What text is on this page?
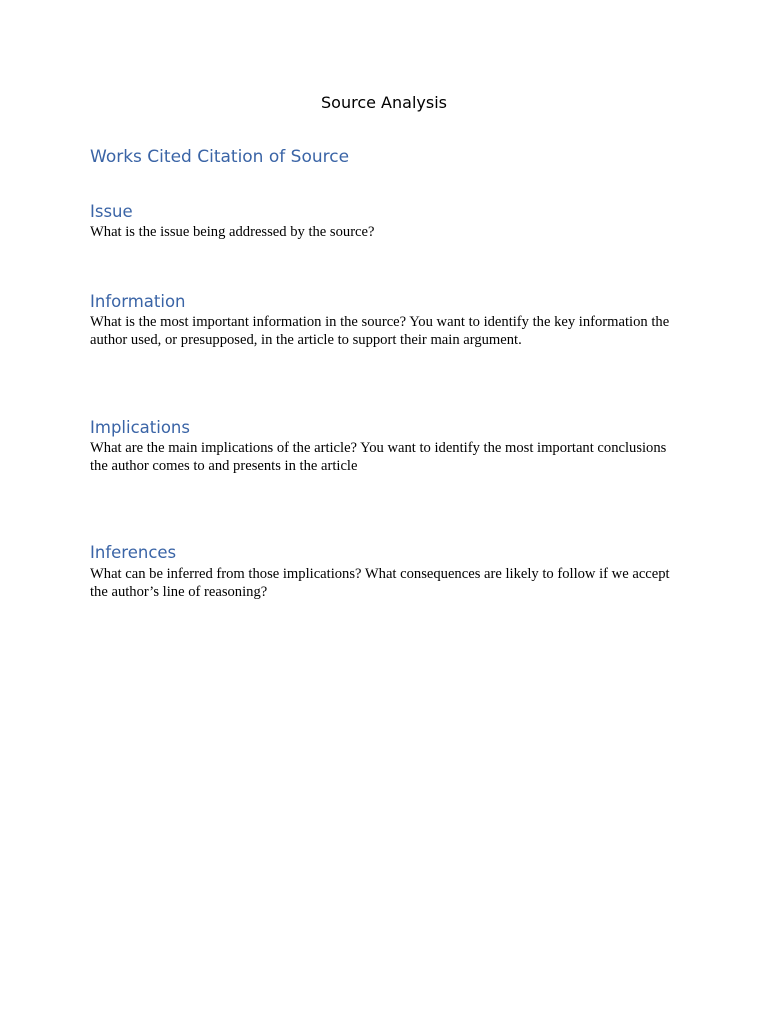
Source Analysis
Works Cited Citation of Source
Issue

What is the issue being addressed by the source?

Information

What is the most important information in the source? You want to identify the key information the author used, or presupposed, in the article to support their main argument.

Implications

What are the main implications of the article? You want to identify the most important conclusions the author comes to and presents in the article

Inferences

What can be inferred from those implications? What consequences are likely to follow if we accept the author’s line of reasoning?
